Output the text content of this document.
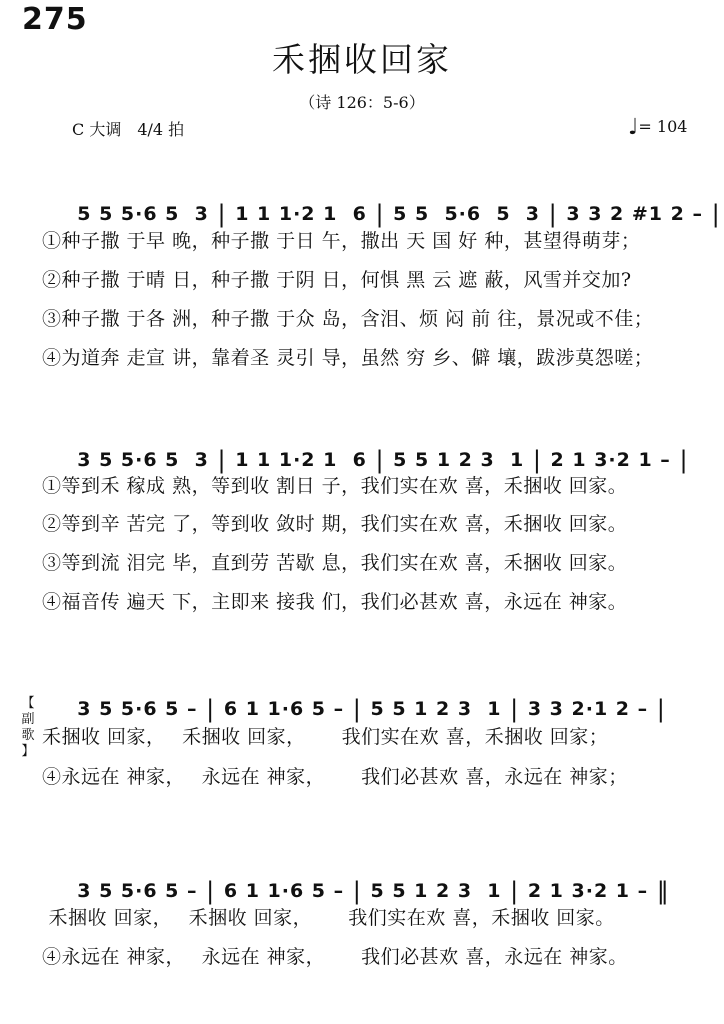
275
禾捆收回家
（诗 126：5-6）
C 大调　4/4 拍	♩= 104

5 5 5·6 5  3 | 1 1 1·2 1  6 | 5 5  5·6  5  3 | 3 3 2 #1 2 – |

①种子撒 于早 晚，种子撒 于日 午，撒出 天 国 好 种，甚望得萌芽；
②种子撒 于晴 日，种子撒 于阴 日，何惧 黑 云 遮 蔽，风雪并交加?
③种子撒 于各 洲，种子撒 于众 岛，含泪、烦 闷 前 往，景况或不佳；
④为道奔 走宣 讲，靠着圣 灵引 导，虽然 穷 乡、僻 壤，跋涉莫怨嗟；

3 5 5·6 5  3 | 1 1 1·2 1  6 | 5 5 1 2 3  1 | 2 1 3·2 1 – |

①等到禾 稼成 熟，等到收 割日 子，我们实在欢 喜，禾捆收 回家。
②等到辛 苦完 了，等到收 敛时 期，我们实在欢 喜，禾捆收 回家。
③等到流 泪完 毕，直到劳 苦歇 息，我们实在欢 喜，禾捆收 回家。
④福音传 遍天 下，主即来 接我 们，我们必甚欢 喜，永远在 神家。
【
副
歌
】

3 5 5·6 5 – | 6 1 1·6 5 – | 5 5 1 2 3  1 | 3 3 2·1 2 – |

禾捆收 回家，　 禾捆收 回家，　　 我们实在欢 喜，禾捆收 回家；
④永远在 神家，　 永远在 神家，　　 我们必甚欢 喜，永远在 神家；

3 5 5·6 5 – | 6 1 1·6 5 – | 5 5 1 2 3  1 | 2 1 3·2 1 – ‖

禾捆收 回家，　 禾捆收 回家，　　 我们实在欢 喜，禾捆收 回家。
④永远在 神家，　 永远在 神家，　　 我们必甚欢 喜，永远在 神家。
